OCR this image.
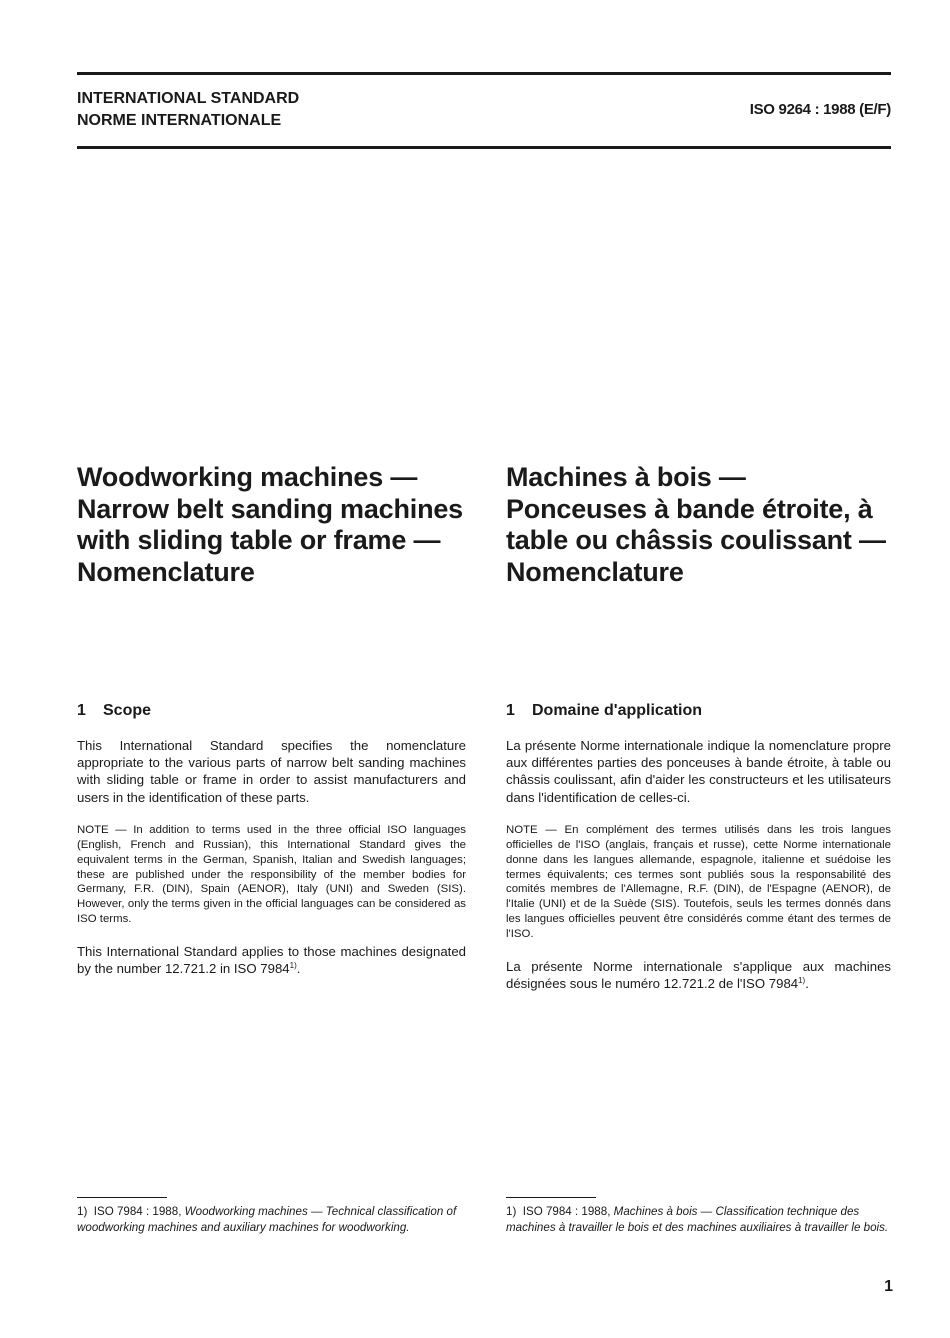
INTERNATIONAL STANDARD
NORME INTERNATIONALE
ISO 9264 : 1988 (E/F)
Woodworking machines — Narrow belt sanding machines with sliding table or frame — Nomenclature
1 Scope

This International Standard specifies the nomenclature appropriate to the various parts of narrow belt sanding machines with sliding table or frame in order to assist manufacturers and users in the identification of these parts.

NOTE — In addition to terms used in the three official ISO languages (English, French and Russian), this International Standard gives the equivalent terms in the German, Spanish, Italian and Swedish languages; these are published under the responsibility of the member bodies for Germany, F.R. (DIN), Spain (AENOR), Italy (UNI) and Sweden (SIS). However, only the terms given in the official languages can be considered as ISO terms.

This International Standard applies to those machines designated by the number 12.721.2 in ISO 7984$^{1)}$.

1) ISO 7984 : 1988, Woodworking machines — Technical classification of woodworking machines and auxiliary machines for woodworking.

Machines à bois — Ponceuses à bande étroite, à table ou châssis coulissant — Nomenclature
1 Domaine d'application

La présente Norme internationale indique la nomenclature propre aux différentes parties des ponceuses à bande étroite, à table ou châssis coulissant, afin d'aider les constructeurs et les utilisateurs dans l'identification de celles-ci.

NOTE — En complément des termes utilisés dans les trois langues officielles de l'ISO (anglais, français et russe), cette Norme internationale donne dans les langues allemande, espagnole, italienne et suédoise les termes équivalents; ces termes sont publiés sous la responsabilité des comités membres de l'Allemagne, R.F. (DIN), de l'Espagne (AENOR), de l'Italie (UNI) et de la Suède (SIS). Toutefois, seuls les termes donnés dans les langues officielles peuvent être considérés comme étant des termes de l'ISO.

La présente Norme internationale s'applique aux machines désignées sous le numéro 12.721.2 de l'ISO 7984$^{1)}$.

1) ISO 7984 : 1988, Machines à bois — Classification technique des machines à travailler le bois et des machines auxiliaires à travailler le bois.

1
